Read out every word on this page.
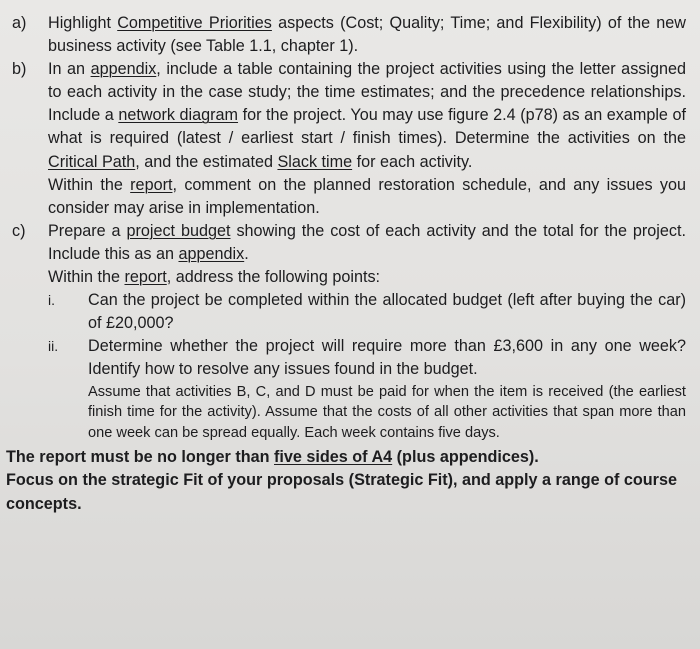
a)	Highlight Competitive Priorities aspects (Cost; Quality; Time; and Flexibility) of the new business activity (see Table 1.1, chapter 1).
b)	In an appendix, include a table containing the project activities using the letter assigned to each activity in the case study; the time estimates; and the precedence relationships. Include a network diagram for the project. You may use figure 2.4 (p78) as an example of what is required (latest / earliest start / finish times). Determine the activities on the Critical Path, and the estimated Slack time for each activity.
Within the report, comment on the planned restoration schedule, and any issues you consider may arise in implementation.
c)	Prepare a project budget showing the cost of each activity and the total for the project. Include this as an appendix.
Within the report, address the following points:
i.	Can the project be completed within the allocated budget (left after buying the car) of £20,000?
ii.	Determine whether the project will require more than £3,600 in any one week? Identify how to resolve any issues found in the budget.
Assume that activities B, C, and D must be paid for when the item is received (the earliest finish time for the activity). Assume that the costs of all other activities that span more than one week can be spread equally. Each week contains five days.
The report must be no longer than five sides of A4 (plus appendices).
Focus on the strategic Fit of your proposals (Strategic Fit), and apply a range of course concepts.
